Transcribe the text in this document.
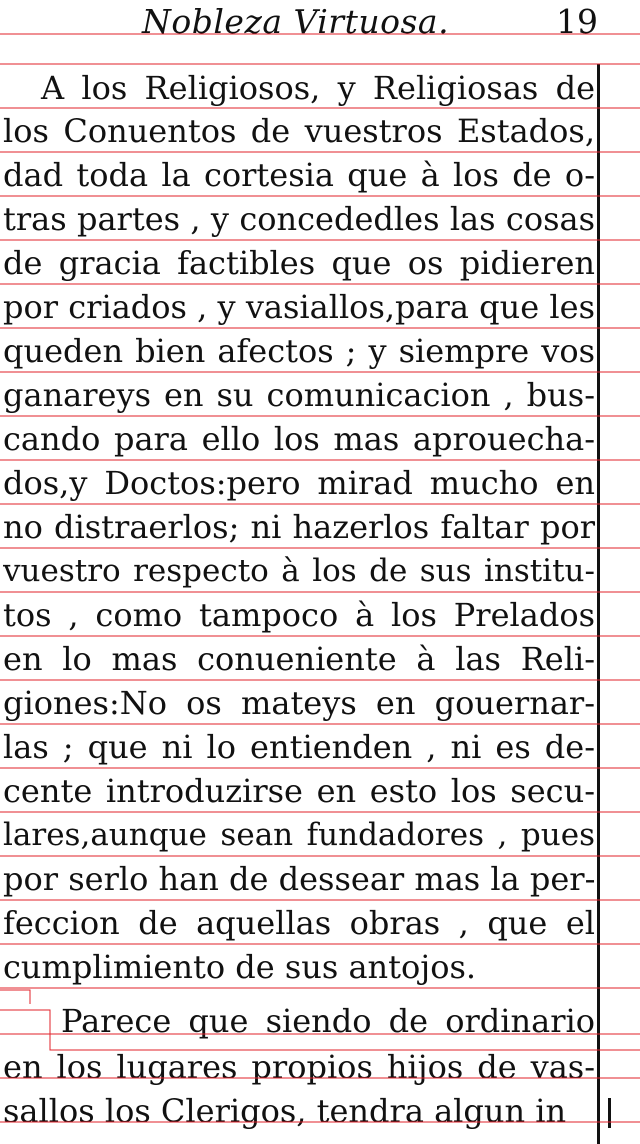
Nobleza Virtuosa.	19
A los Religiosos, y Religiosas de
los Conuentos de vuestros Estados,
dad toda la cortesia que à los de o-
tras partes , y concededles las cosas
de gracia factibles que os pidieren
por criados , y vasiallos,para que les
queden bien afectos ; y siempre vos
ganareys en su comunicacion , bus-
cando para ello los mas aprouecha-
dos,y Doctos:pero mirad mucho en
no distraerlos; ni hazerlos faltar por
vuestro respecto à los de sus institu-
tos , como tampoco à los Prelados
en lo mas conueniente à las Reli-
giones:No os mateys en gouernar-
las ; que ni lo entienden , ni es de-
cente introduzirse en esto los secu-
lares,aunque sean fundadores , pues
por serlo han de dessear mas la per-
feccion de aquellas obras , que el
cumplimiento de sus antojos.
Parece que siendo de ordinario
en los lugares propios hijos de vas-
sallos los Clerigos, tendra algun in
